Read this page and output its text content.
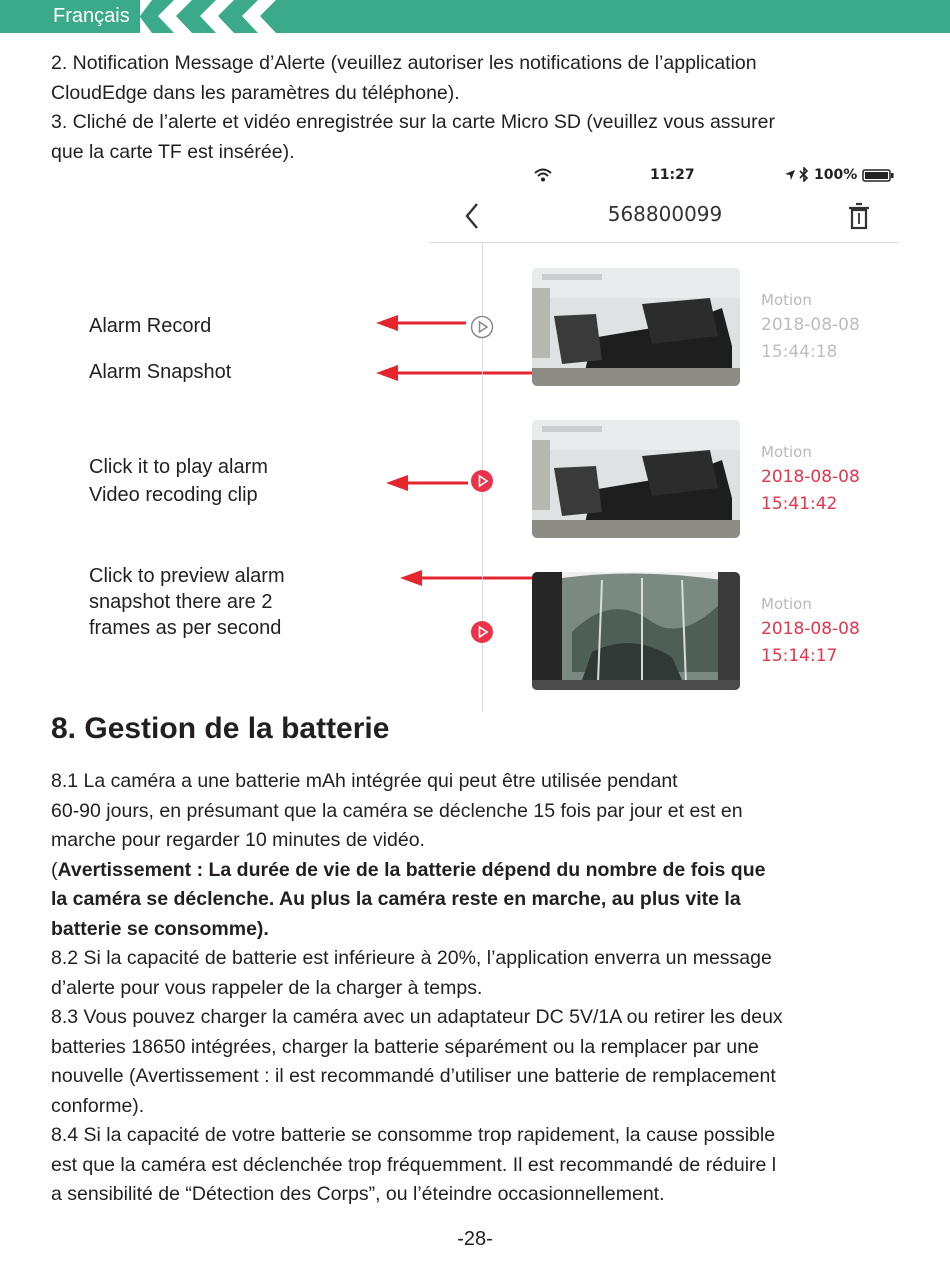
Français

2. Notification Message d’Alerte (veuillez autoriser les notifications de l’application

CloudEdge dans les paramètres du téléphone).

3. Cliché de l’alerte et vidéo enregistrée sur la carte Micro SD (veuillez vous assurer

que la carte TF est insérée).

Alarm Record
Alarm Snapshot
Click it to play alarm
Video recoding clip
Click to preview alarm
snapshot there are 2
frames as per second
11:27	100%
568800099
Motion
2018-08-08
15:44:18
Motion
2018-08-08
15:41:42
Motion
2018-08-08
15:14:17
8. Gestion de la batterie

8.1 La caméra a une batterie mAh intégrée qui peut être utilisée pendant

60-90 jours, en présumant que la caméra se déclenche 15 fois par jour et est en

marche pour regarder 10 minutes de vidéo.

(Avertissement : La durée de vie de la batterie dépend du nombre de fois que

la caméra se déclenche. Au plus la caméra reste en marche, au plus vite la

batterie se consomme).

8.2 Si la capacité de batterie est inférieure à 20%, l’application enverra un message

d’alerte pour vous rappeler de la charger à temps.

8.3 Vous pouvez charger la caméra avec un adaptateur DC 5V/1A ou retirer les deux

batteries 18650 intégrées, charger la batterie séparément ou la remplacer par une

nouvelle (Avertissement : il est recommandé d’utiliser une batterie de remplacement

conforme).

8.4 Si la capacité de votre batterie se consomme trop rapidement, la cause possible

est que la caméra est déclenchée trop fréquemment. Il est recommandé de réduire l

a sensibilité de “Détection des Corps”, ou l’éteindre occasionnellement.

-28-
